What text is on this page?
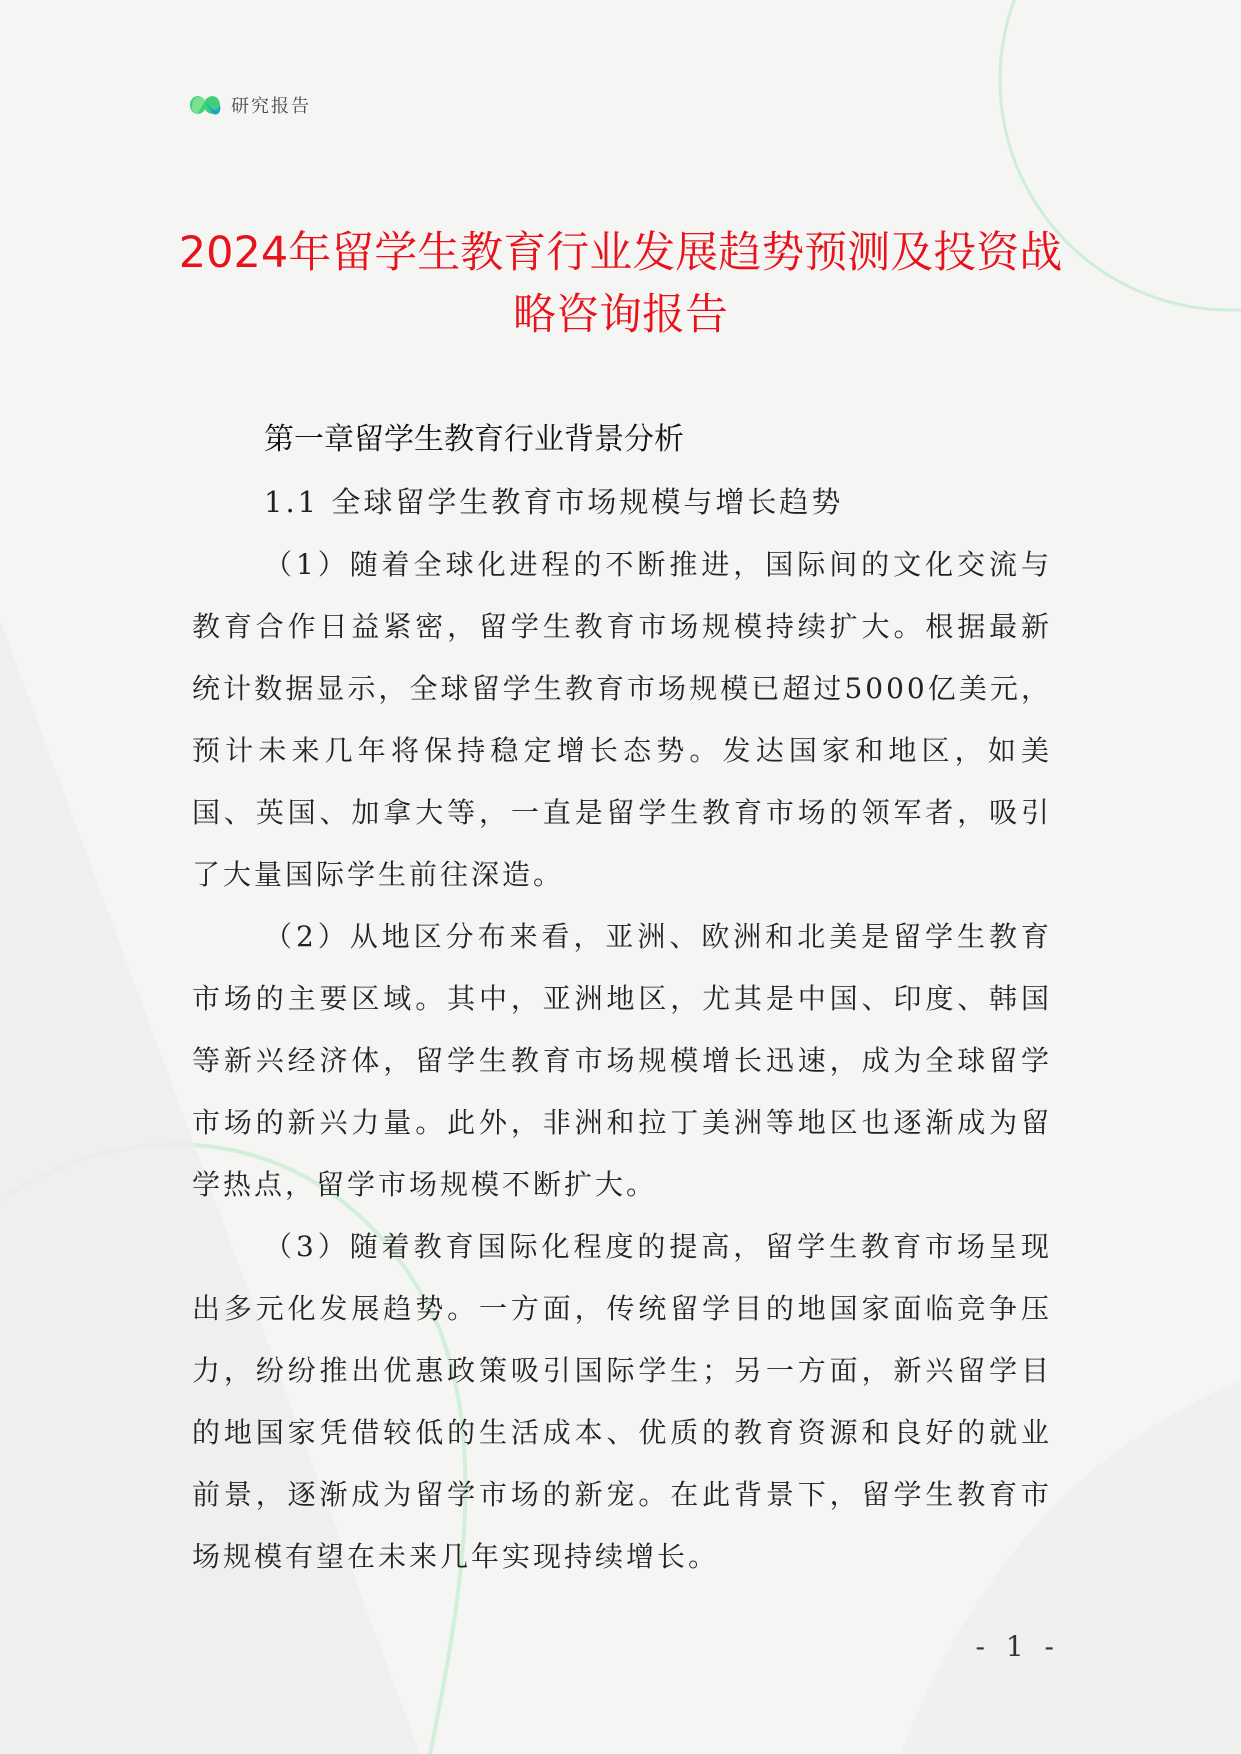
研究报告
2024年留学生教育行业发展趋势预测及投资战略咨询报告
第一章留学生教育行业背景分析
1.1 全球留学生教育市场规模与增长趋势

（1）随着全球化进程的不断推进，国际间的文化交流与教育合作日益紧密，留学生教育市场规模持续扩大。根据最新统计数据显示，全球留学生教育市场规模已超过5000亿美元，预计未来几年将保持稳定增长态势。发达国家和地区，如美国、英国、加拿大等，一直是留学生教育市场的领军者，吸引了大量国际学生前往深造。

（2）从地区分布来看，亚洲、欧洲和北美是留学生教育市场的主要区域。其中，亚洲地区，尤其是中国、印度、韩国等新兴经济体，留学生教育市场规模增长迅速，成为全球留学市场的新兴力量。此外，非洲和拉丁美洲等地区也逐渐成为留学热点，留学市场规模不断扩大。

（3）随着教育国际化程度的提高，留学生教育市场呈现出多元化发展趋势。一方面，传统留学目的地国家面临竞争压力，纷纷推出优惠政策吸引国际学生；另一方面，新兴留学目的地国家凭借较低的生活成本、优质的教育资源和良好的就业前景，逐渐成为留学市场的新宠。在此背景下，留学生教育市场规模有望在未来几年实现持续增长。

- 1 -
